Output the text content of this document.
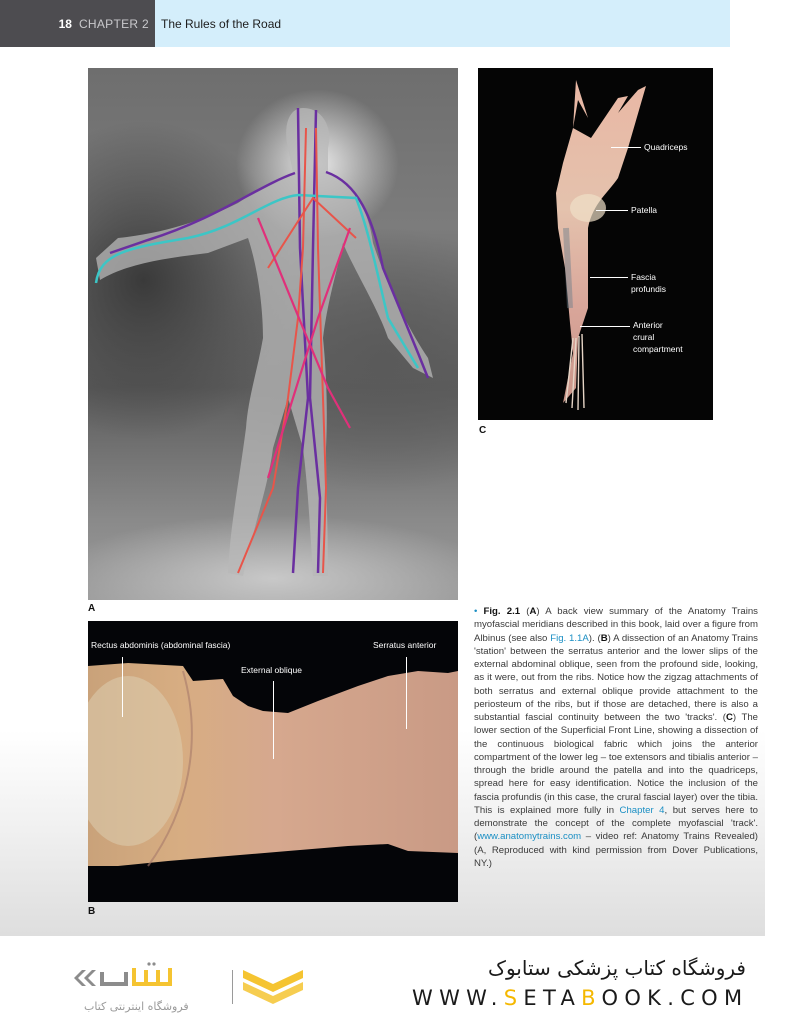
18 CHAPTER 2 The Rules of the Road
A
Quadriceps
Patella
Fascia
profundis
Anterior
crural
compartment
C
Rectus abdominis (abdominal fascia)
External oblique
Serratus anterior
B
• Fig. 2.1 (A) A back view summary of the Anatomy Trains myofascial meridians described in this book, laid over a figure from Albinus (see also Fig. 1.1A). (B) A dissection of an Anatomy Trains 'station' between the serratus anterior and the lower slips of the external abdominal oblique, seen from the profound side, looking, as it were, out from the ribs. Notice how the zigzag attachments of both serratus and external oblique provide attachment to the periosteum of the ribs, but if those are detached, there is also a substantial fascial continuity between the two 'tracks'. (C) The lower section of the Superficial Front Line, showing a dissection of the continuous biological fabric which joins the anterior compartment of the lower leg – toe extensors and tibialis anterior – through the bridle around the patella and into the quadriceps, spread here for easy identification. Notice the inclusion of the fascia profundis (in this case, the crural fascial layer) over the tibia. This is explained more fully in Chapter 4, but serves here to demonstrate the concept of the complete myofascial 'track'. (www.anatomytrains.com – video ref: Anatomy Trains Revealed) (A, Reproduced with kind permission from Dover Publications, NY.)
فروشگاه اینترنتی کتاب
فروشگاه کتاب پزشکی ستابوک
WWW.SETABOOK.COM
